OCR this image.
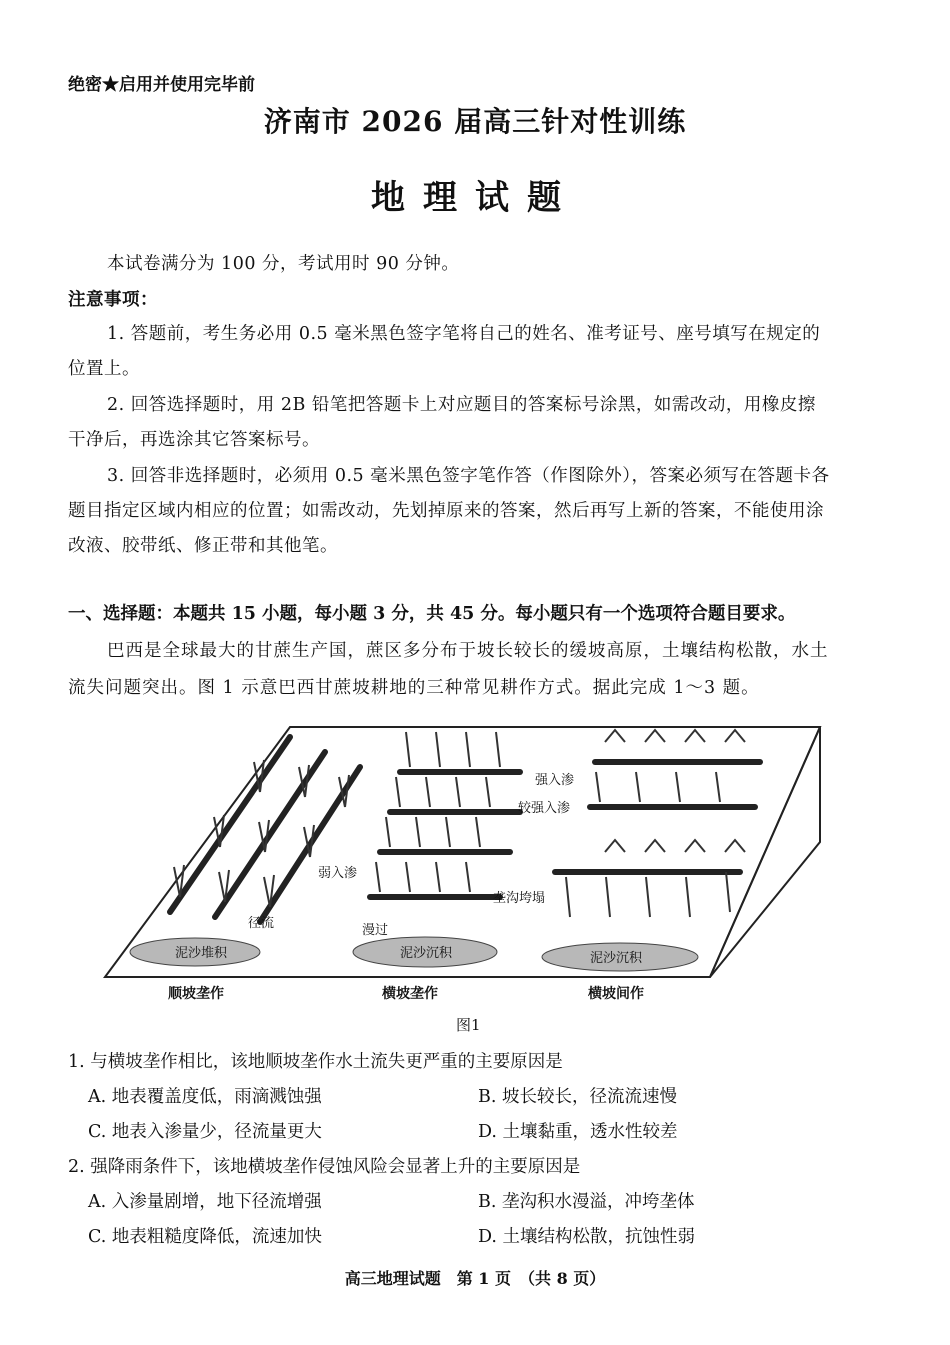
绝密★启用并使用完毕前
济南市 2026 届高三针对性训练
地理试题
本试卷满分为 100 分，考试用时 90 分钟。
注意事项：
1. 答题前，考生务必用 0.5 毫米黑色签字笔将自己的姓名、准考证号、座号填写在规定的
位置上。
2. 回答选择题时，用 2B 铅笔把答题卡上对应题目的答案标号涂黑，如需改动，用橡皮擦
干净后，再选涂其它答案标号。
3. 回答非选择题时，必须用 0.5 毫米黑色签字笔作答（作图除外），答案必须写在答题卡各
题目指定区域内相应的位置；如需改动，先划掉原来的答案，然后再写上新的答案，不能使用涂
改液、胶带纸、修正带和其他笔。
一、选择题：本题共 15 小题，每小题 3 分，共 45 分。每小题只有一个选项符合题目要求。
巴西是全球最大的甘蔗生产国，蔗区多分布于坡长较长的缓坡高原，土壤结构松散，水土
流失问题突出。图 1 示意巴西甘蔗坡耕地的三种常见耕作方式。据此完成 1～3 题。
泥沙堆积	泥沙沉积	泥沙沉积
径流
弱入渗
强入渗
较强入渗
垄沟垮塌
漫过
顺坡垄作	横坡垄作	横坡间作
图1
1. 与横坡垄作相比，该地顺坡垄作水土流失更严重的主要原因是
A. 地表覆盖度低，雨滴溅蚀强	B. 坡长较长，径流流速慢
C. 地表入渗量少，径流量更大	D. 土壤黏重，透水性较差
2. 强降雨条件下，该地横坡垄作侵蚀风险会显著上升的主要原因是
A. 入渗量剧增，地下径流增强	B. 垄沟积水漫溢，冲垮垄体
C. 地表粗糙度降低，流速加快	D. 土壤结构松散，抗蚀性弱
高三地理试题　第 1 页　（共 8 页）
